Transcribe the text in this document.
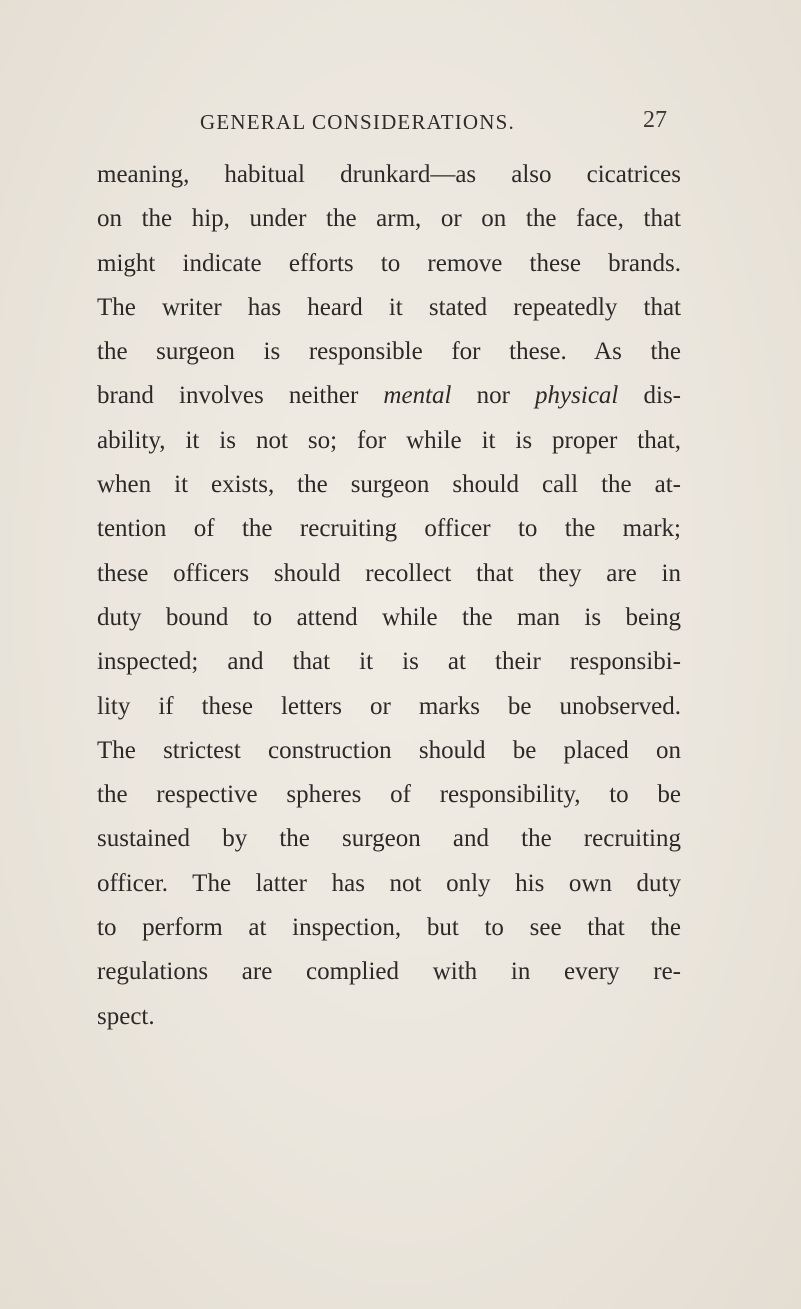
GENERAL CONSIDERATIONS.	27
meaning, habitual drunkard—as also cicatrices
on the hip, under the arm, or on the face, that
might indicate efforts to remove these brands.
The writer has heard it stated repeatedly that
the surgeon is responsible for these. As the
brand involves neither mental nor physical dis-
ability, it is not so; for while it is proper that,
when it exists, the surgeon should call the at-
tention of the recruiting officer to the mark;
these officers should recollect that they are in
duty bound to attend while the man is being
inspected; and that it is at their responsibi-
lity if these letters or marks be unobserved.
The strictest construction should be placed on
the respective spheres of responsibility, to be
sustained by the surgeon and the recruiting
officer. The latter has not only his own duty
to perform at inspection, but to see that the
regulations are complied with in every re-
spect.
